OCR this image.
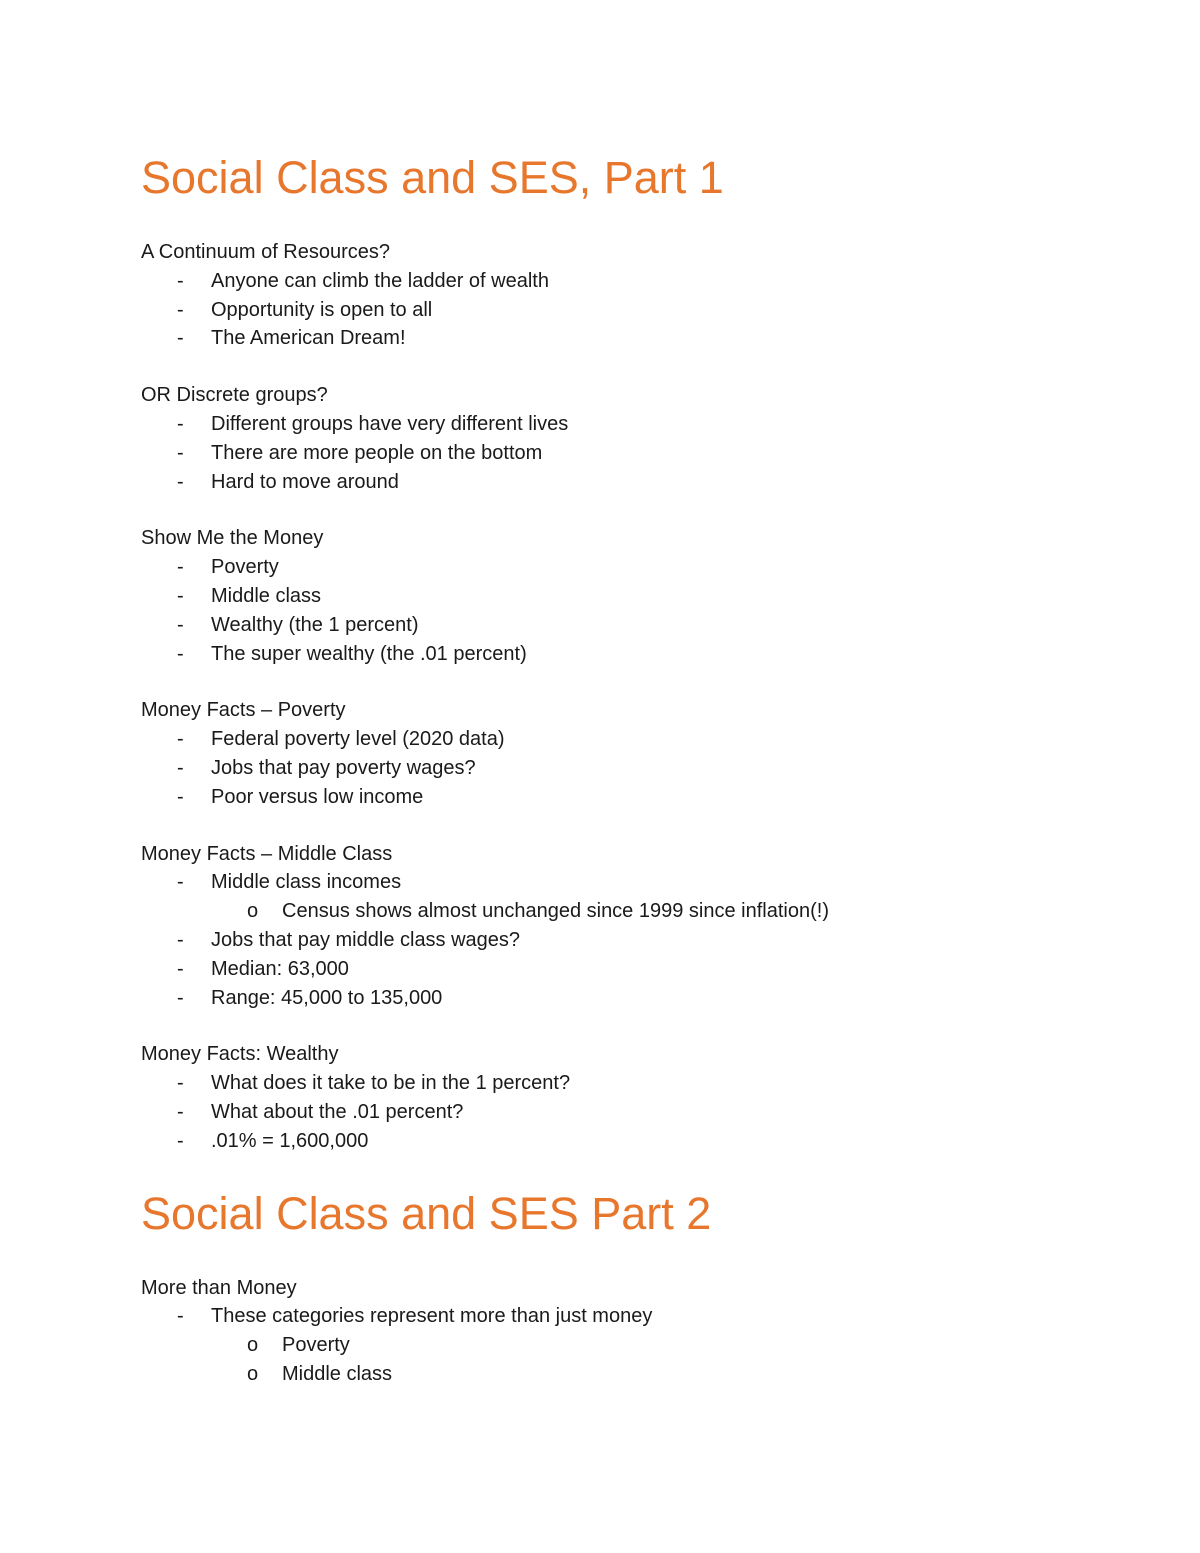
Social Class and SES, Part 1

A Continuum of Resources?

- Anyone can climb the ladder of wealth
- Opportunity is open to all
- The American Dream!

OR Discrete groups?

- Different groups have very different lives
- There are more people on the bottom
- Hard to move around

Show Me the Money

- Poverty
- Middle class
- Wealthy (the 1 percent)
- The super wealthy (the .01 percent)

Money Facts – Poverty

- Federal poverty level (2020 data)
- Jobs that pay poverty wages?
- Poor versus low income

Money Facts – Middle Class

- Middle class incomes
o Census shows almost unchanged since 1999 since inflation(!)
- Jobs that pay middle class wages?
- Median: 63,000
- Range: 45,000 to 135,000

Money Facts: Wealthy

- What does it take to be in the 1 percent?
- What about the .01 percent?
- .01% = 1,600,000
Social Class and SES Part 2

More than Money

- These categories represent more than just money
o Poverty
o Middle class
